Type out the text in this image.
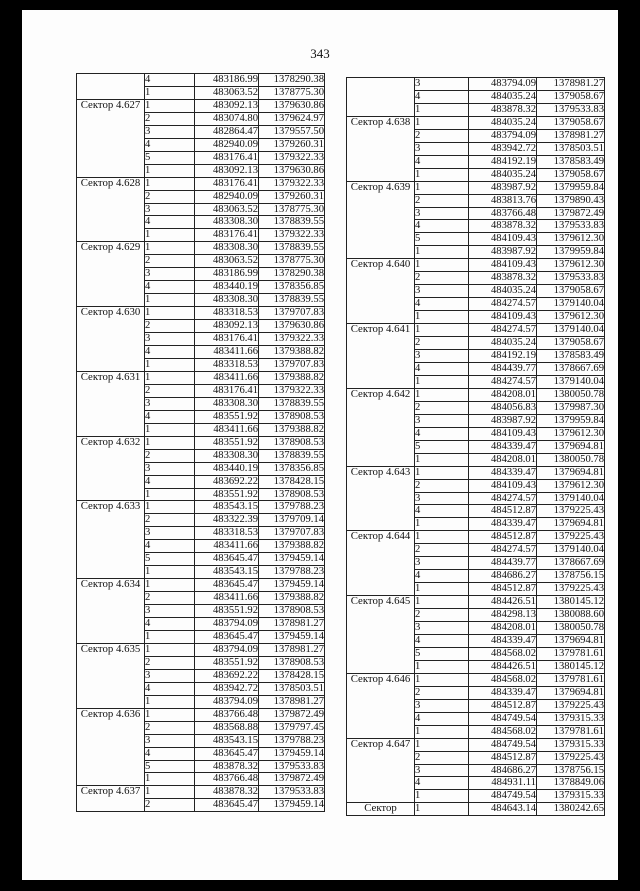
343
	4	483186.99	1378290.38
	1	483063.52	1378775.30
Сектор 4.627	1	483092.13	1379630.86
	2	483074.80	1379624.97
	3	482864.47	1379557.50
	4	482940.09	1379260.31
	5	483176.41	1379322.33
	1	483092.13	1379630.86
Сектор 4.628	1	483176.41	1379322.33
	2	482940.09	1379260.31
	3	483063.52	1378775.30
	4	483308.30	1378839.55
	1	483176.41	1379322.33
Сектор 4.629	1	483308.30	1378839.55
	2	483063.52	1378775.30
	3	483186.99	1378290.38
	4	483440.19	1378356.85
	1	483308.30	1378839.55
Сектор 4.630	1	483318.53	1379707.83
	2	483092.13	1379630.86
	3	483176.41	1379322.33
	4	483411.66	1379388.82
	1	483318.53	1379707.83
Сектор 4.631	1	483411.66	1379388.82
	2	483176.41	1379322.33
	3	483308.30	1378839.55
	4	483551.92	1378908.53
	1	483411.66	1379388.82
Сектор 4.632	1	483551.92	1378908.53
	2	483308.30	1378839.55
	3	483440.19	1378356.85
	4	483692.22	1378428.15
	1	483551.92	1378908.53
Сектор 4.633	1	483543.15	1379788.23
	2	483322.39	1379709.14
	3	483318.53	1379707.83
	4	483411.66	1379388.82
	5	483645.47	1379459.14
	1	483543.15	1379788.23
Сектор 4.634	1	483645.47	1379459.14
	2	483411.66	1379388.82
	3	483551.92	1378908.53
	4	483794.09	1378981.27
	1	483645.47	1379459.14
Сектор 4.635	1	483794.09	1378981.27
	2	483551.92	1378908.53
	3	483692.22	1378428.15
	4	483942.72	1378503.51
	1	483794.09	1378981.27
Сектор 4.636	1	483766.48	1379872.49
	2	483568.88	1379797.45
	3	483543.15	1379788.23
	4	483645.47	1379459.14
	5	483878.32	1379533.83
	1	483766.48	1379872.49
Сектор 4.637	1	483878.32	1379533.83
	2	483645.47	1379459.14
	3	483794.09	1378981.27
	4	484035.24	1379058.67
	1	483878.32	1379533.83
Сектор 4.638	1	484035.24	1379058.67
	2	483794.09	1378981.27
	3	483942.72	1378503.51
	4	484192.19	1378583.49
	1	484035.24	1379058.67
Сектор 4.639	1	483987.92	1379959.84
	2	483813.76	1379890.43
	3	483766.48	1379872.49
	4	483878.32	1379533.83
	5	484109.43	1379612.30
	1	483987.92	1379959.84
Сектор 4.640	1	484109.43	1379612.30
	2	483878.32	1379533.83
	3	484035.24	1379058.67
	4	484274.57	1379140.04
	1	484109.43	1379612.30
Сектор 4.641	1	484274.57	1379140.04
	2	484035.24	1379058.67
	3	484192.19	1378583.49
	4	484439.77	1378667.69
	1	484274.57	1379140.04
Сектор 4.642	1	484208.01	1380050.78
	2	484056.83	1379987.30
	3	483987.92	1379959.84
	4	484109.43	1379612.30
	5	484339.47	1379694.81
	1	484208.01	1380050.78
Сектор 4.643	1	484339.47	1379694.81
	2	484109.43	1379612.30
	3	484274.57	1379140.04
	4	484512.87	1379225.43
	1	484339.47	1379694.81
Сектор 4.644	1	484512.87	1379225.43
	2	484274.57	1379140.04
	3	484439.77	1378667.69
	4	484686.27	1378756.15
	1	484512.87	1379225.43
Сектор 4.645	1	484426.51	1380145.12
	2	484298.13	1380088.60
	3	484208.01	1380050.78
	4	484339.47	1379694.81
	5	484568.02	1379781.61
	1	484426.51	1380145.12
Сектор 4.646	1	484568.02	1379781.61
	2	484339.47	1379694.81
	3	484512.87	1379225.43
	4	484749.54	1379315.33
	1	484568.02	1379781.61
Сектор 4.647	1	484749.54	1379315.33
	2	484512.87	1379225.43
	3	484686.27	1378756.15
	4	484931.11	1378849.06
	1	484749.54	1379315.33
Сектор	1	484643.14	1380242.65
